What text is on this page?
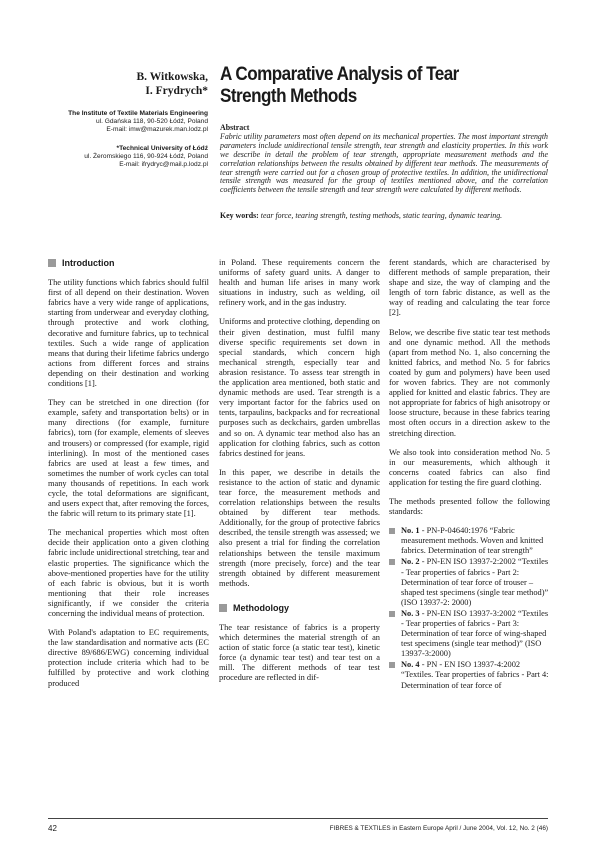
B. Witkowska,
I. Frydrych*
The Institute of Textile Materials Engineering
ul. Gdańska 118, 90-520 Łódź, Poland
E-mail: imw@mazurek.man.lodz.pl
*Technical University of Łódź
ul. Żeromskiego 116, 90-924 Łódź, Poland
E-mail: ifrydryc@mail.p.lodz.pl
A Comparative Analysis of Tear Strength Methods
Abstract
Fabric utility parameters most often depend on its mechanical properties. The most important strength parameters include unidirectional tensile strength, tear strength and elasticity properties. In this work we describe in detail the problem of tear strength, appropriate measurement methods and the correlation relationships between the results obtained by different tear methods. The measurements of tear strength were carried out for a chosen group of protective textiles. In addition, the unidirectional tensile strength was measured for the group of textiles mentioned above, and the correlation coefficients between the tensile strength and tear strength were calculated by different methods.
Key words: tear force, tearing strength, testing methods, static tearing, dynamic tearing.
Introduction

The utility functions which fabrics should fulfil first of all depend on their destination. Woven fabrics have a very wide range of applications, starting from underwear and everyday clothing, through protective and work clothing, decorative and furniture fabrics, up to technical textiles. Such a wide range of application means that during their lifetime fabrics undergo actions from different forces and strains depending on their destination and working conditions [1].

They can be stretched in one direction (for example, safety and transportation belts) or in many directions (for example, furniture fabrics), torn (for example, elements of sleeves and trousers) or compressed (for example, rigid interlining). In most of the mentioned cases fabrics are used at least a few times, and sometimes the number of work cycles can total many thousands of repetitions. In each work cycle, the total deformations are significant, and users expect that, after removing the forces, the fabric will return to its primary state [1].

The mechanical properties which most often decide their application onto a given clothing fabric include unidirectional stretching, tear and elastic properties. The significance which the above-mentioned properties have for the utility of each fabric is obvious, but it is worth mentioning that their role increases significantly, if we consider the criteria concerning the individual means of protection.

With Poland's adaptation to EC requirements, the law standardisation and normative acts (EC directive 89/686/EWG) concerning individual protection include criteria which had to be fulfilled by protective and work clothing produced

in Poland. These requirements concern the uniforms of safety guard units. A danger to health and human life arises in many work situations in industry, such as welding, oil refinery work, and in the gas industry.

Uniforms and protective clothing, depending on their given destination, must fulfil many diverse specific requirements set down in special standards, which concern high mechanical strength, especially tear and abrasion resistance. To assess tear strength in the application area mentioned, both static and dynamic methods are used. Tear strength is a very important factor for the fabrics used on tents, tarpaulins, backpacks and for recreational purposes such as deckchairs, garden umbrellas and so on. A dynamic tear method also has an application for clothing fabrics, such as cotton fabrics destined for jeans.

In this paper, we describe in details the resistance to the action of static and dynamic tear force, the measurement methods and correlation relationships between the results obtained by different tear methods. Additionally, for the group of protective fabrics described, the tensile strength was assessed; we also present a trial for finding the correlation relationships between the tensile maximum strength (more precisely, force) and the tear strength obtained by different measurement methods.

Methodology

The tear resistance of fabrics is a property which determines the material strength of an action of static force (a static tear test), kinetic force (a dynamic tear test) and tear test on a mill. The different methods of tear test procedure are reflected in dif-

ferent standards, which are characterised by different methods of sample preparation, their shape and size, the way of clamping and the length of torn fabric distance, as well as the way of reading and calculating the tear force [2].

Below, we describe five static tear test methods and one dynamic method. All the methods (apart from method No. 1, also concerning the knitted fabrics, and method No. 5 for fabrics coated by gum and polymers) have been used for woven fabrics. They are not commonly applied for knitted and elastic fabrics. They are not appropriate for fabrics of high anisotropy or loose structure, because in these fabrics tearing most often occurs in a direction askew to the stretching direction.

We also took into consideration method No. 5 in our measurements, which although it concerns coated fabrics can also find application for testing the fire guard clothing.

The methods presented follow the following standards:

No. 1 - PN-P-04640:1976 “Fabric measurement methods. Woven and knitted fabrics. Determination of tear strength”
No. 2 - PN-EN ISO 13937-2:2002 “Textiles - Tear properties of fabrics - Part 2: Determination of tear force of trouser – shaped test specimens (single tear method)” (ISO 13937-2: 2000)
No. 3 - PN-EN ISO 13937-3:2002 “Textiles - Tear properties of fabrics - Part 3: Determination of tear force of wing-shaped test specimens (single tear method)” (ISO 13937-3:2000)
No. 4 - PN - EN ISO 13937-4:2002 “Textiles. Tear properties of fabrics - Part 4: Determination of tear force of
42	FIBRES & TEXTILES in Eastern Europe April / June 2004, Vol. 12, No. 2 (46)
